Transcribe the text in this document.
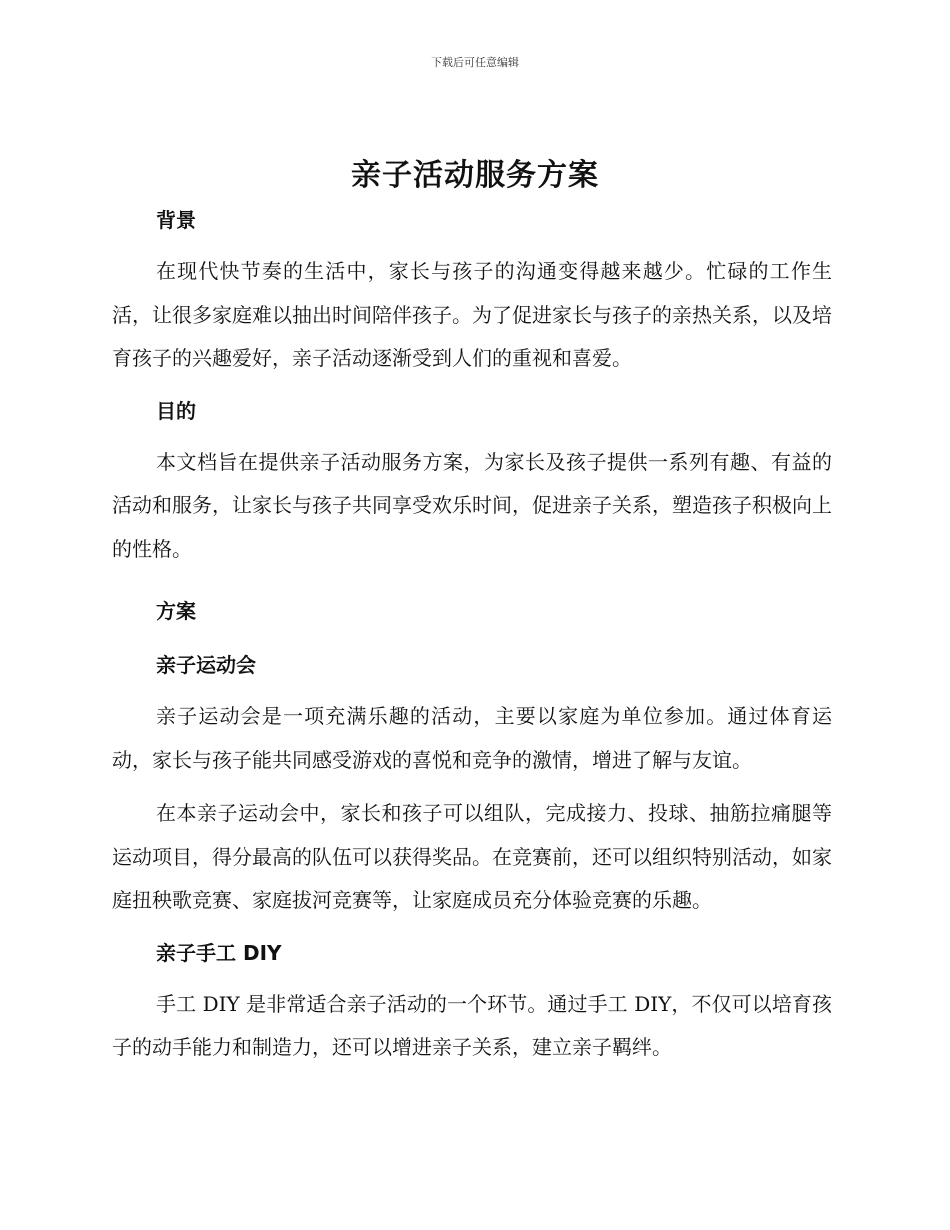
下载后可任意编辑
亲子活动服务方案

背景

在现代快节奏的生活中，家长与孩子的沟通变得越来越少。忙碌的工作生活，让很多家庭难以抽出时间陪伴孩子。为了促进家长与孩子的亲热关系，以及培育孩子的兴趣爱好，亲子活动逐渐受到人们的重视和喜爱。

目的

本文档旨在提供亲子活动服务方案，为家长及孩子提供一系列有趣、有益的活动和服务，让家长与孩子共同享受欢乐时间，促进亲子关系，塑造孩子积极向上的性格。

方案

亲子运动会

亲子运动会是一项充满乐趣的活动，主要以家庭为单位参加。通过体育运动，家长与孩子能共同感受游戏的喜悦和竞争的激情，增进了解与友谊。

在本亲子运动会中，家长和孩子可以组队，完成接力、投球、抽筋拉痛腿等运动项目，得分最高的队伍可以获得奖品。在竞赛前，还可以组织特别活动，如家庭扭秧歌竞赛、家庭拔河竞赛等，让家庭成员充分体验竞赛的乐趣。

亲子手工 DIY

手工 DIY 是非常适合亲子活动的一个环节。通过手工 DIY，不仅可以培育孩子的动手能力和制造力，还可以增进亲子关系，建立亲子羁绊。
